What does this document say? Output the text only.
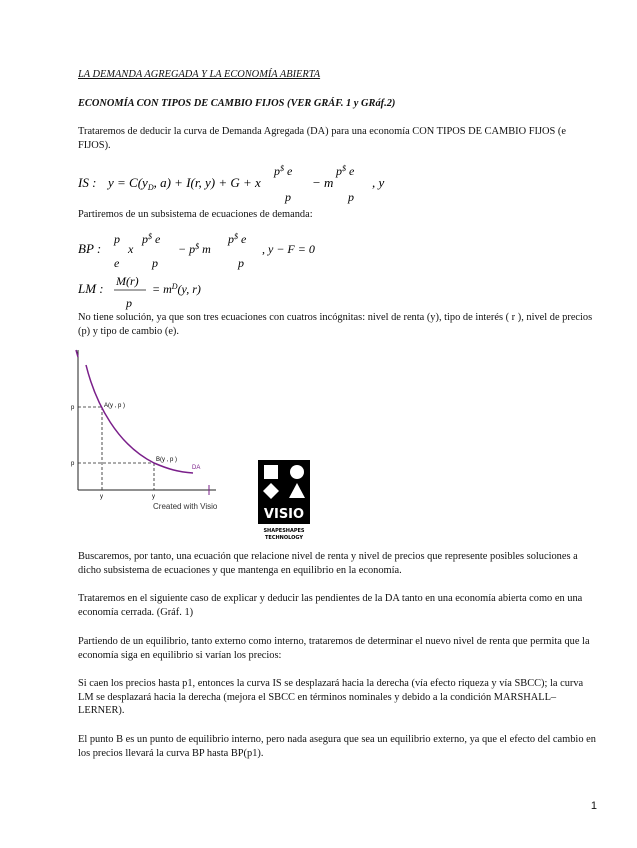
LA DEMANDA AGREGADA Y LA ECONOMÍA ABIERTA
ECONOMÍA CON TIPOS DE CAMBIO FIJOS (VER GRÁF. 1 y GRáf.2)
Trataremos de deducir la curva de Demanda Agregada (DA) para una economía CON TIPOS DE CAMBIO FIJOS (e FIJOS).
IS : $y = C(y_D$, a) + I(r, y) + G + x
p$ e
p
− m
p$ e
p
, y
Partiremos de un subsistema de ecuaciones de demanda:
BP :
p
e
x
p$ e
p
− p$ m
p$ e
p
, y − F = 0
LM : M(r)
p
= $m^D(y$, r)
No tiene solución, ya que son tres ecuaciones con cuatros incógnitas: nivel de renta (y), tipo de interés ( r ), nivel de precios (p) y tipo de cambio (e).
A(y , p )
B(y , p )
DA
p
p
y	y
Created with Visio
VISIO
SHAPESHAPES
TECHNOLOGY
Buscaremos, por tanto, una ecuación que relacione nivel de renta y nivel de precios que represente posibles soluciones a dicho subsistema de ecuaciones y que mantenga en equilibrio en la economía.
Trataremos en el siguiente caso de explicar y deducir las pendientes de la DA tanto en una economía abierta como en una economía cerrada. (Gráf. 1)
Partiendo de un equilibrio, tanto externo como interno, trataremos de determinar el nuevo nivel de renta que permita que la economía siga en equilibrio si varían los precios:
Si caen los precios hasta p1, entonces la curva IS se desplazará hacia la derecha (vía efecto riqueza y vía SBCC); la curva LM se desplazará hacia la derecha (mejora el SBCC en términos nominales y debido a la condición MARSHALL–LERNER).
El punto B es un punto de equilibrio interno, pero nada asegura que sea un equilibrio externo, ya que el efecto del cambio en los precios llevará la curva BP hasta BP(p1).
1
